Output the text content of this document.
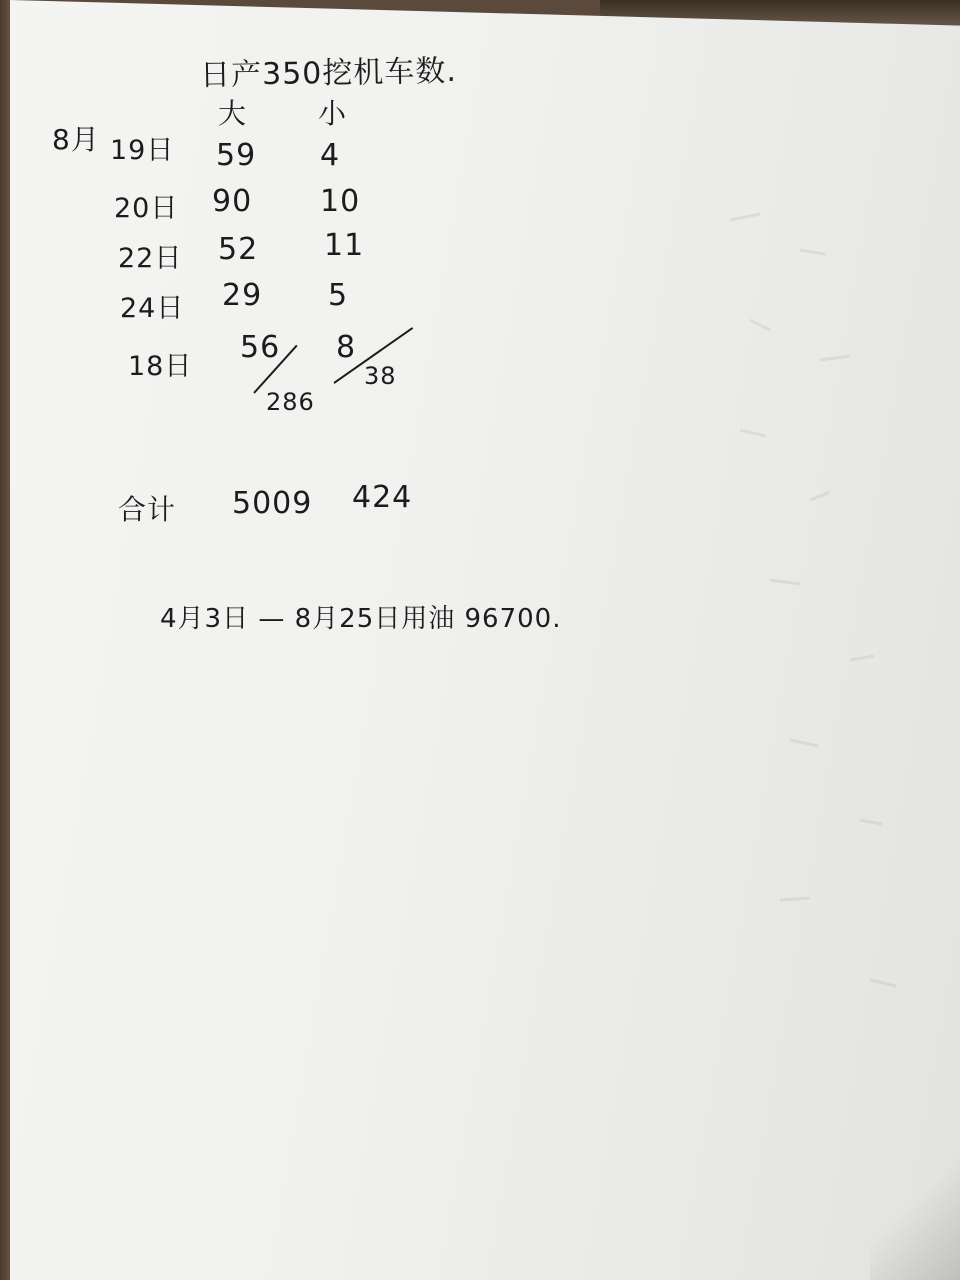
日产350挖机车数.
大	小
8月 19日 59 4
20日 90 10
22日 52 11
24日 29 5
18日
56 8
286
38
合计 5009 424
4月3日 — 8月25日用油 96700.
